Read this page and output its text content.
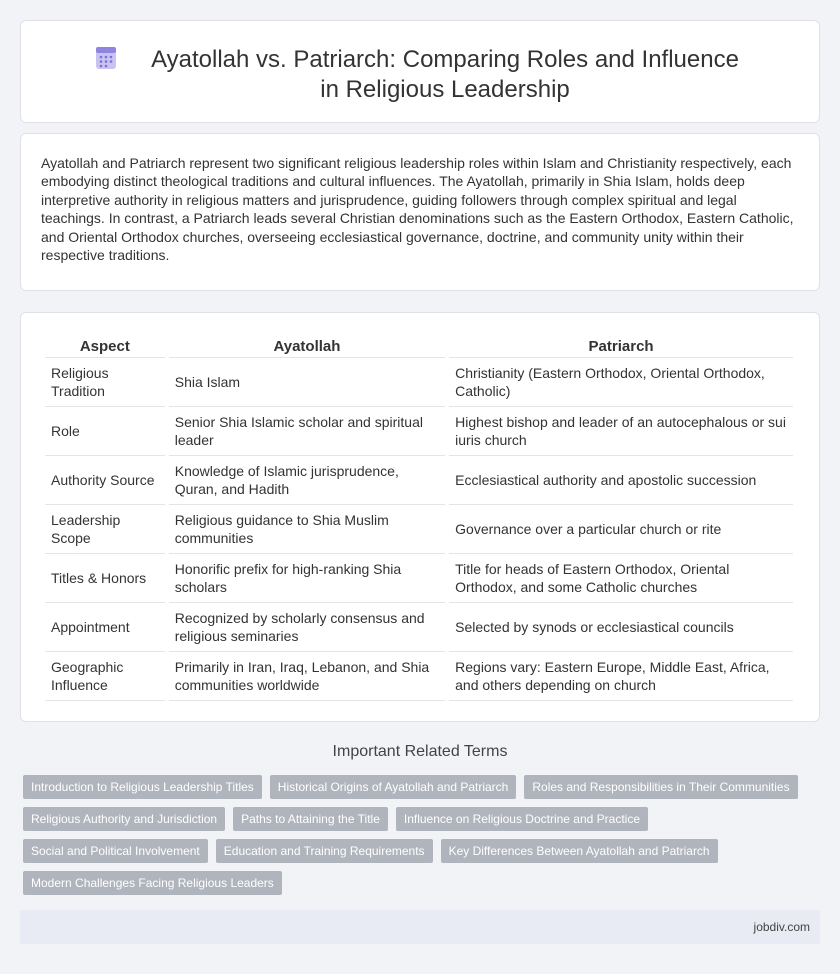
Ayatollah vs. Patriarch: Comparing Roles and Influence in Religious Leadership

Ayatollah and Patriarch represent two significant religious leadership roles within Islam and Christianity respectively, each embodying distinct theological traditions and cultural influences. The Ayatollah, primarily in Shia Islam, holds deep interpretive authority in religious matters and jurisprudence, guiding followers through complex spiritual and legal teachings. In contrast, a Patriarch leads several Christian denominations such as the Eastern Orthodox, Eastern Catholic, and Oriental Orthodox churches, overseeing ecclesiastical governance, doctrine, and community unity within their respective traditions.

Aspect	Ayatollah	Patriarch
Religious Tradition	Shia Islam	Christianity (Eastern Orthodox, Oriental Orthodox, Catholic)
Role	Senior Shia Islamic scholar and spiritual leader	Highest bishop and leader of an autocephalous or sui iuris church
Authority Source	Knowledge of Islamic jurisprudence, Quran, and Hadith	Ecclesiastical authority and apostolic succession
Leadership Scope	Religious guidance to Shia Muslim communities	Governance over a particular church or rite
Titles & Honors	Honorific prefix for high-ranking Shia scholars	Title for heads of Eastern Orthodox, Oriental Orthodox, and some Catholic churches
Appointment	Recognized by scholarly consensus and religious seminaries	Selected by synods or ecclesiastical councils
Geographic Influence	Primarily in Iran, Iraq, Lebanon, and Shia communities worldwide	Regions vary: Eastern Europe, Middle East, Africa, and others depending on church
Important Related Terms
Introduction to Religious Leadership Titles	Historical Origins of Ayatollah and Patriarch	Roles and Responsibilities in Their Communities
Religious Authority and Jurisdiction	Paths to Attaining the Title	Influence on Religious Doctrine and Practice
Social and Political Involvement	Education and Training Requirements	Key Differences Between Ayatollah and Patriarch
Modern Challenges Facing Religious Leaders
jobdiv.com
